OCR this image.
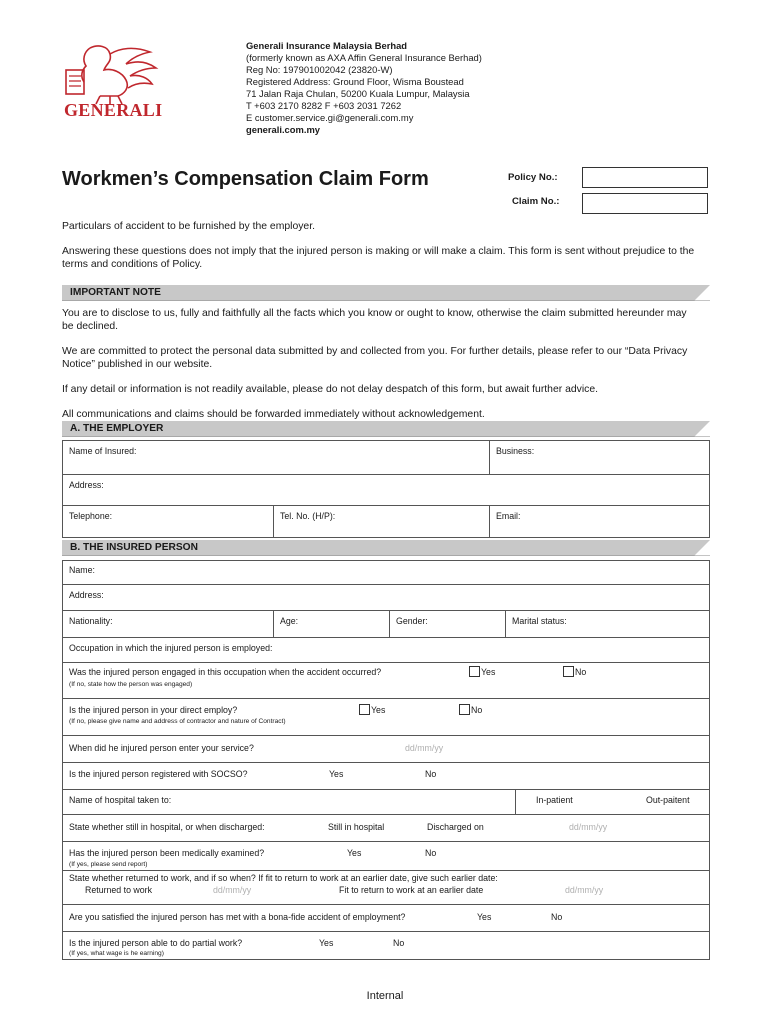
GENERALI
Generali Insurance Malaysia Berhad
(formerly known as AXA Affin General Insurance Berhad)
Reg No: 197901002042 (23820-W)
Registered Address: Ground Floor, Wisma Boustead
71 Jalan Raja Chulan, 50200 Kuala Lumpur, Malaysia
T +603 2170 8282 F +603 2031 7262
E customer.service.gi@generali.com.my
generali.com.my
Workmen’s Compensation Claim Form	Policy No.:
Claim No.:
Particulars of accident to be furnished by the employer.
Answering these questions does not imply that the injured person is making or will make a claim. This form is sent without prejudice to the
terms and conditions of Policy.
IMPORTANT NOTE
You are to disclose to us, fully and faithfully all the facts which you know or ought to know, otherwise the claim submitted hereunder may
be declined.
We are committed to protect the personal data submitted by and collected from you. For further details, please refer to our “Data Privacy
Notice” published in our website.
If any detail or information is not readily available, please do not delay despatch of this form, but await further advice.
All communications and claims should be forwarded immediately without acknowledgement.
A. THE EMPLOYER
Name of Insured:	Business:
Address:
Telephone:	Tel. No. (H/P):	Email:
B. THE INSURED PERSON
Name:
Address:
Nationality:	Age:	Gender:	Marital status:
Occupation in which the injured person is employed:
Was the injured person engaged in this occupation when the accident occurred?
(If no, state how the person was engaged)
Yes	No
Is the injured person in your direct employ?
(If no, please give name and address of contractor and nature of Contract)
Yes	No
When did he injured person enter your service?	dd/mm/yy
Is the injured person registered with SOCSO?	Yes	No
Name of hospital taken to:	In-patient	Out-paitent
State whether still in hospital, or when discharged:	Still in hospital	Discharged on	dd/mm/yy
Has the injured person been medically examined?
(If yes, please send report)
Yes	No
State whether returned to work, and if so when? If fit to return to work at an earlier date, give such earlier date:
Returned to work	dd/mm/yy	Fit to return to work at an earlier date	dd/mm/yy
Are you satisfied the injured person has met with a bona-fide accident of employment?	Yes	No
Is the injured person able to do partial work?
(If yes, what wage is he earning)
Yes	No
Internal
